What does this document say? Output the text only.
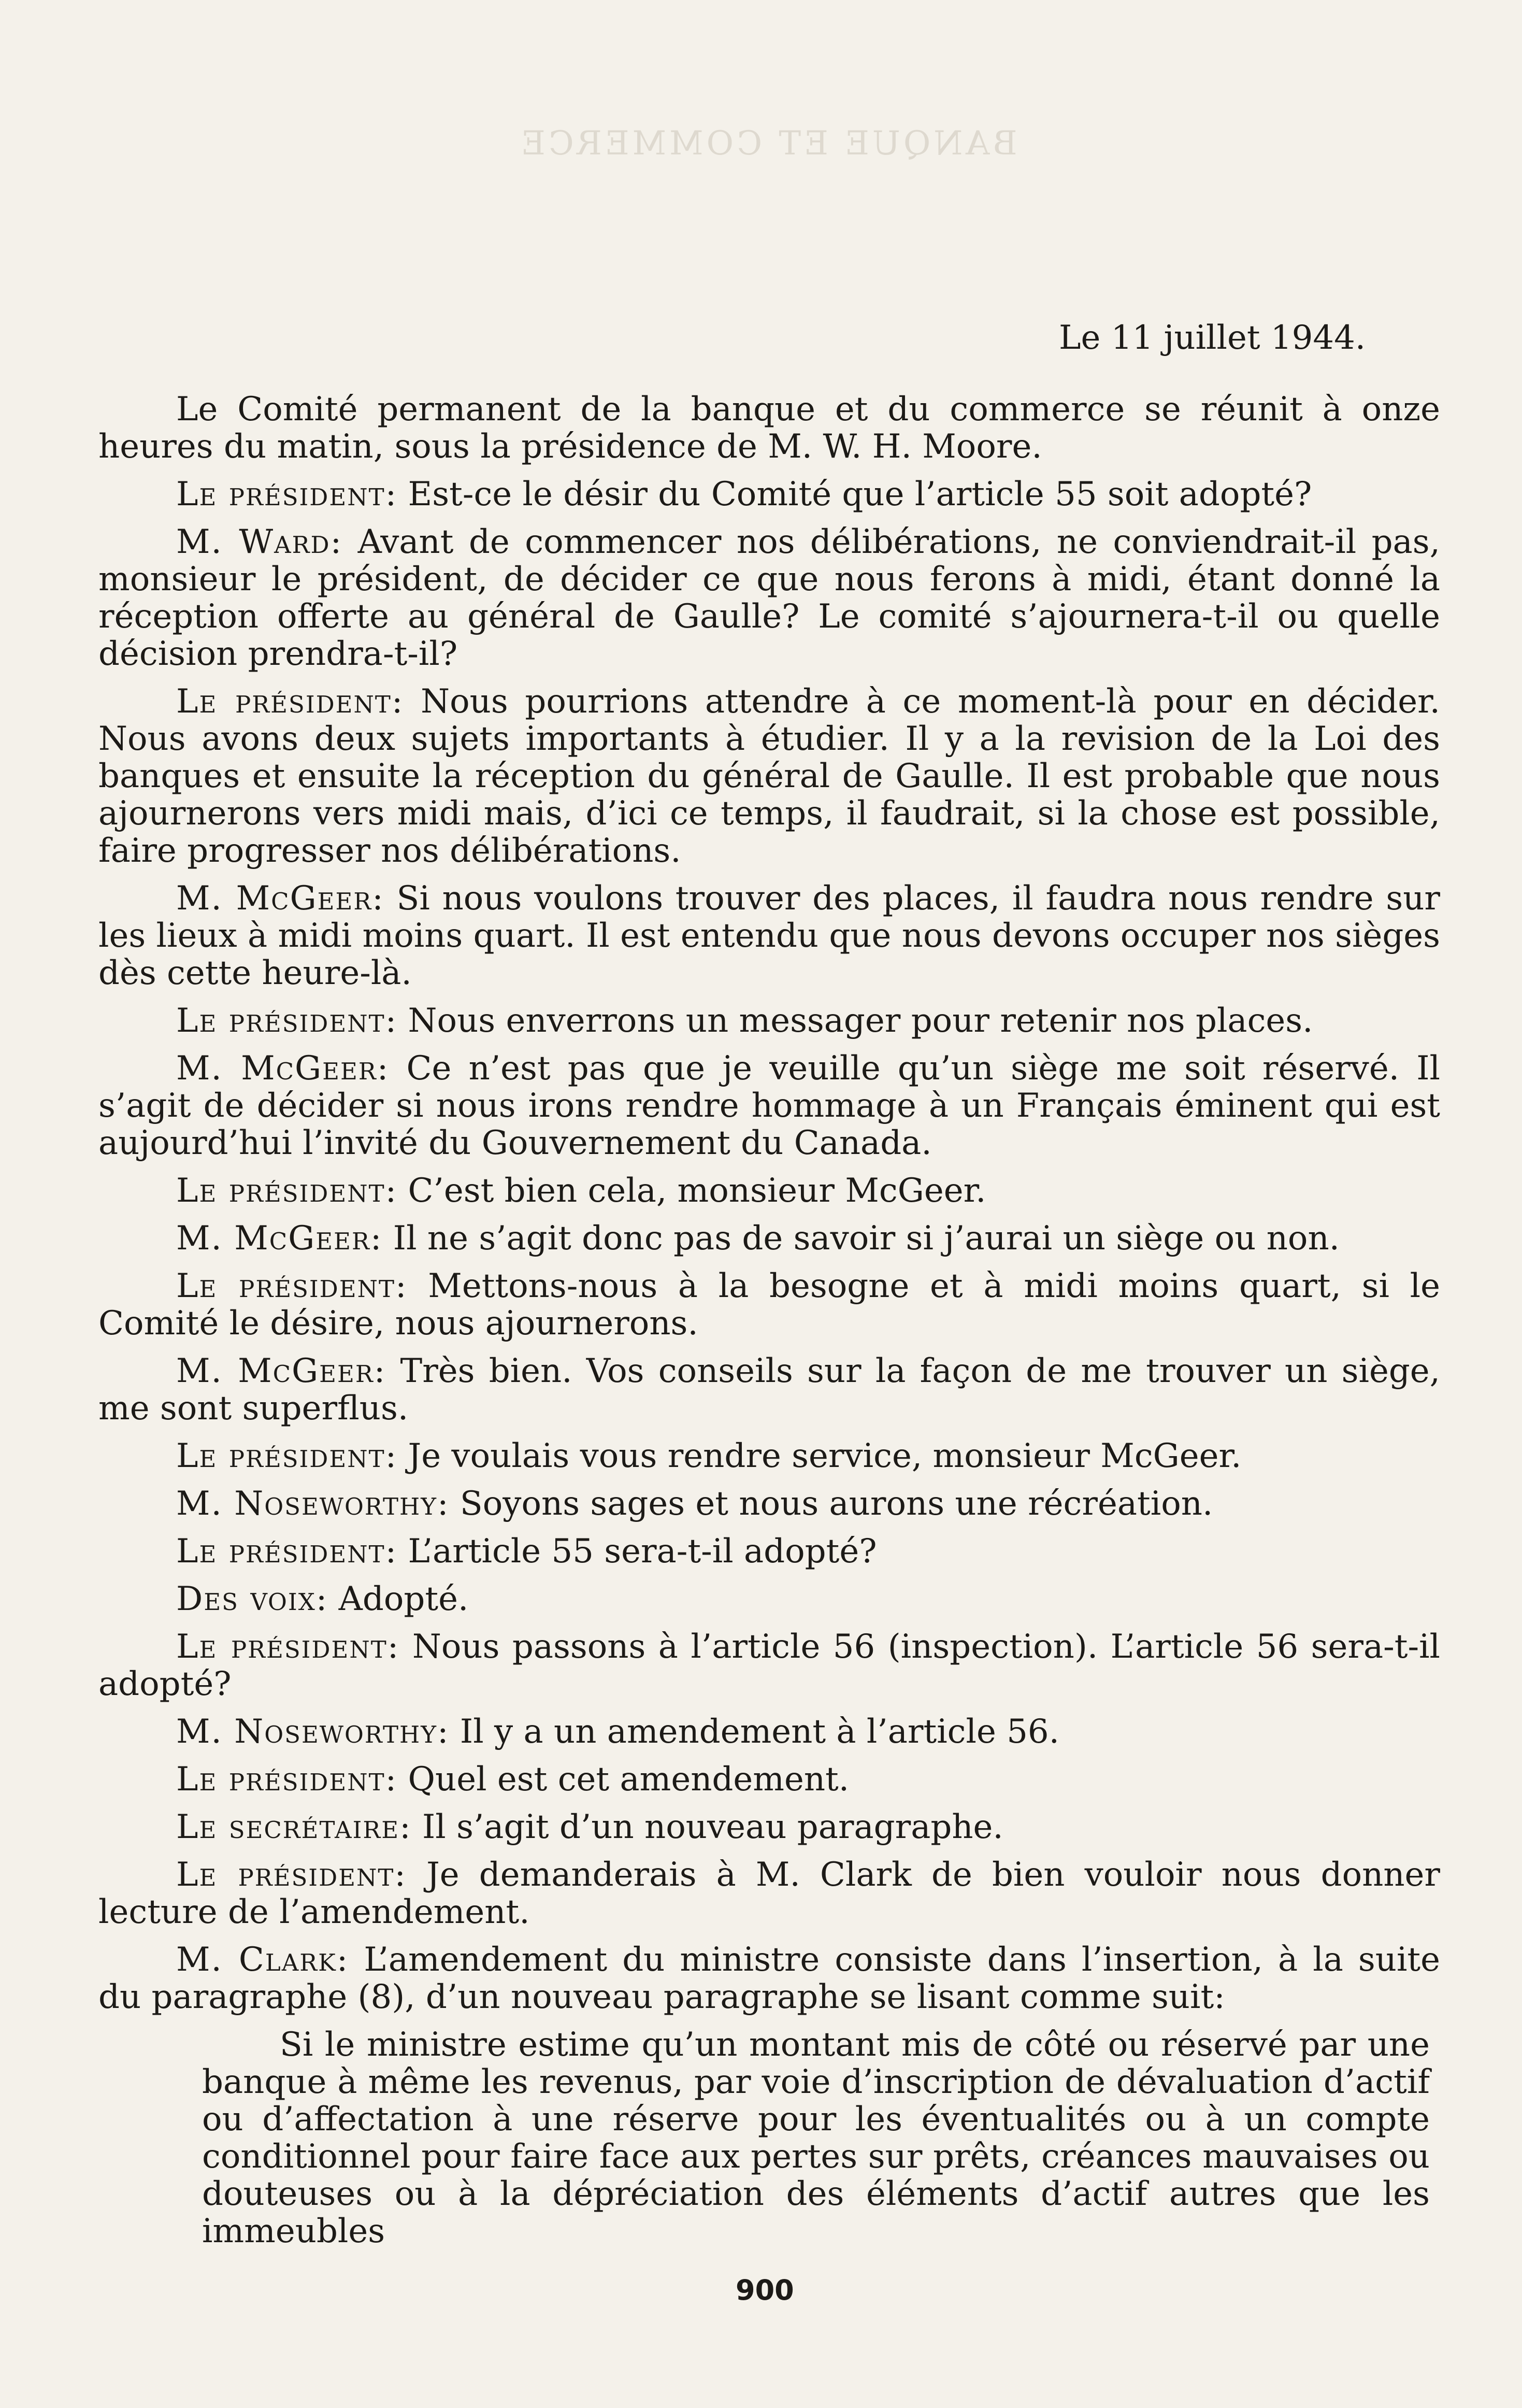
BANQUE ET COMMERCE
Le 11 juillet 1944.

Le Comité permanent de la banque et du commerce se réunit à onze heures du matin, sous la présidence de M. W. H. Moore.

Le président: Est-ce le désir du Comité que l’article 55 soit adopté?

M. Ward: Avant de commencer nos délibérations, ne conviendrait-il pas, monsieur le président, de décider ce que nous ferons à midi, étant donné la réception offerte au général de Gaulle? Le comité s’ajournera-t-il ou quelle décision prendra-t-il?

Le président: Nous pourrions attendre à ce moment-là pour en décider. Nous avons deux sujets importants à étudier. Il y a la revision de la Loi des banques et ensuite la réception du général de Gaulle. Il est probable que nous ajournerons vers midi mais, d’ici ce temps, il faudrait, si la chose est possible, faire progresser nos délibérations.

M. McGeer: Si nous voulons trouver des places, il faudra nous rendre sur les lieux à midi moins quart. Il est entendu que nous devons occuper nos sièges dès cette heure-là.

Le président: Nous enverrons un messager pour retenir nos places.

M. McGeer: Ce n’est pas que je veuille qu’un siège me soit réservé. Il s’agit de décider si nous irons rendre hommage à un Français éminent qui est aujourd’hui l’invité du Gouvernement du Canada.

Le président: C’est bien cela, monsieur McGeer.

M. McGeer: Il ne s’agit donc pas de savoir si j’aurai un siège ou non.

Le président: Mettons-nous à la besogne et à midi moins quart, si le Comité le désire, nous ajournerons.

M. McGeer: Très bien. Vos conseils sur la façon de me trouver un siège, me sont superflus.

Le président: Je voulais vous rendre service, monsieur McGeer.

M. Noseworthy: Soyons sages et nous aurons une récréation.

Le président: L’article 55 sera-t-il adopté?

Des voix: Adopté.

Le président: Nous passons à l’article 56 (inspection). L’article 56 sera-t-il adopté?

M. Noseworthy: Il y a un amendement à l’article 56.

Le président: Quel est cet amendement.

Le secrétaire: Il s’agit d’un nouveau paragraphe.

Le président: Je demanderais à M. Clark de bien vouloir nous donner lecture de l’amendement.

M. Clark: L’amendement du ministre consiste dans l’insertion, à la suite du paragraphe (8), d’un nouveau paragraphe se lisant comme suit:

Si le ministre estime qu’un montant mis de côté ou réservé par une banque à même les revenus, par voie d’inscription de dévaluation d’actif ou d’affectation à une réserve pour les éventualités ou à un compte conditionnel pour faire face aux pertes sur prêts, créances mauvaises ou douteuses ou à la dépréciation des éléments d’actif autres que les immeubles

900
